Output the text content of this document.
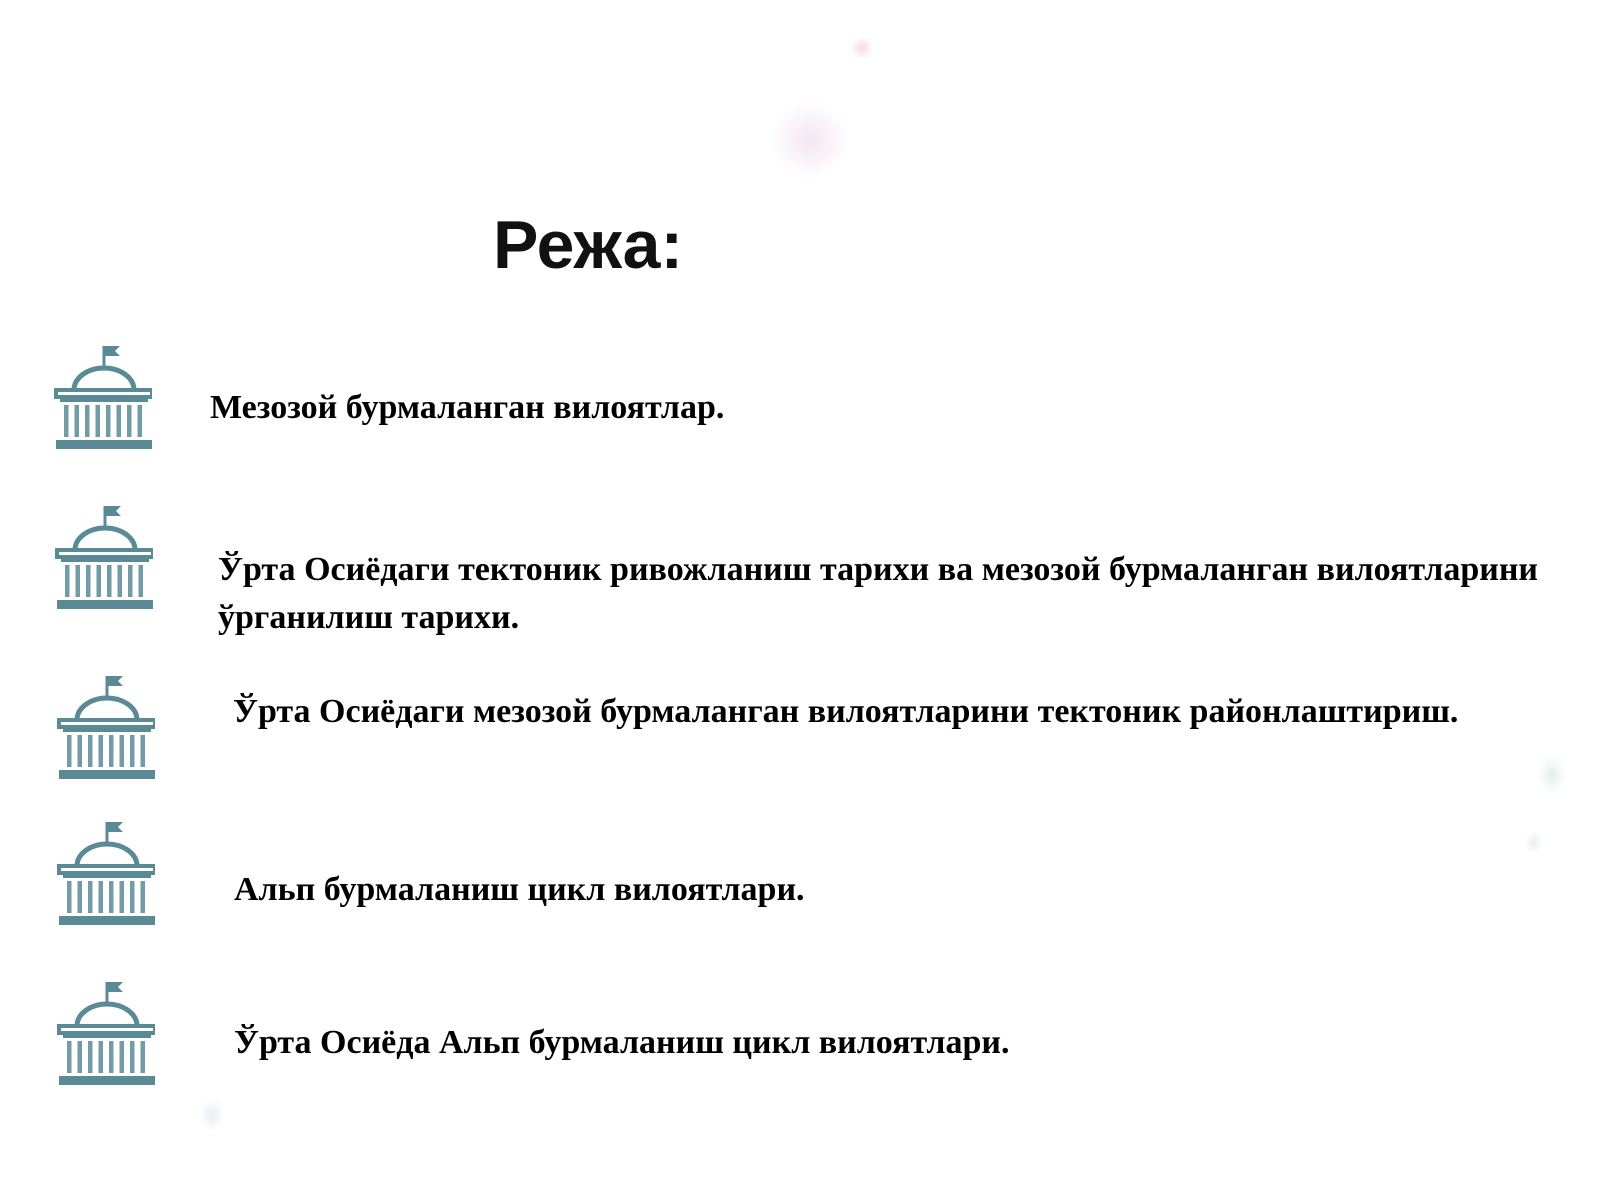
Режа:

Мезозой бурмаланган вилоятлар.

Ўрта Осиёдаги тектоник ривожланиш тарихи ва мезозой бурмаланган вилоятларини ўрганилиш тарихи.

Ўрта Осиёдаги мезозой бурмаланган вилоятларини тектоник районлаштириш.

Альп бурмаланиш цикл вилоятлари.

Ўрта Осиёда Альп бурмаланиш цикл вилоятлари.
